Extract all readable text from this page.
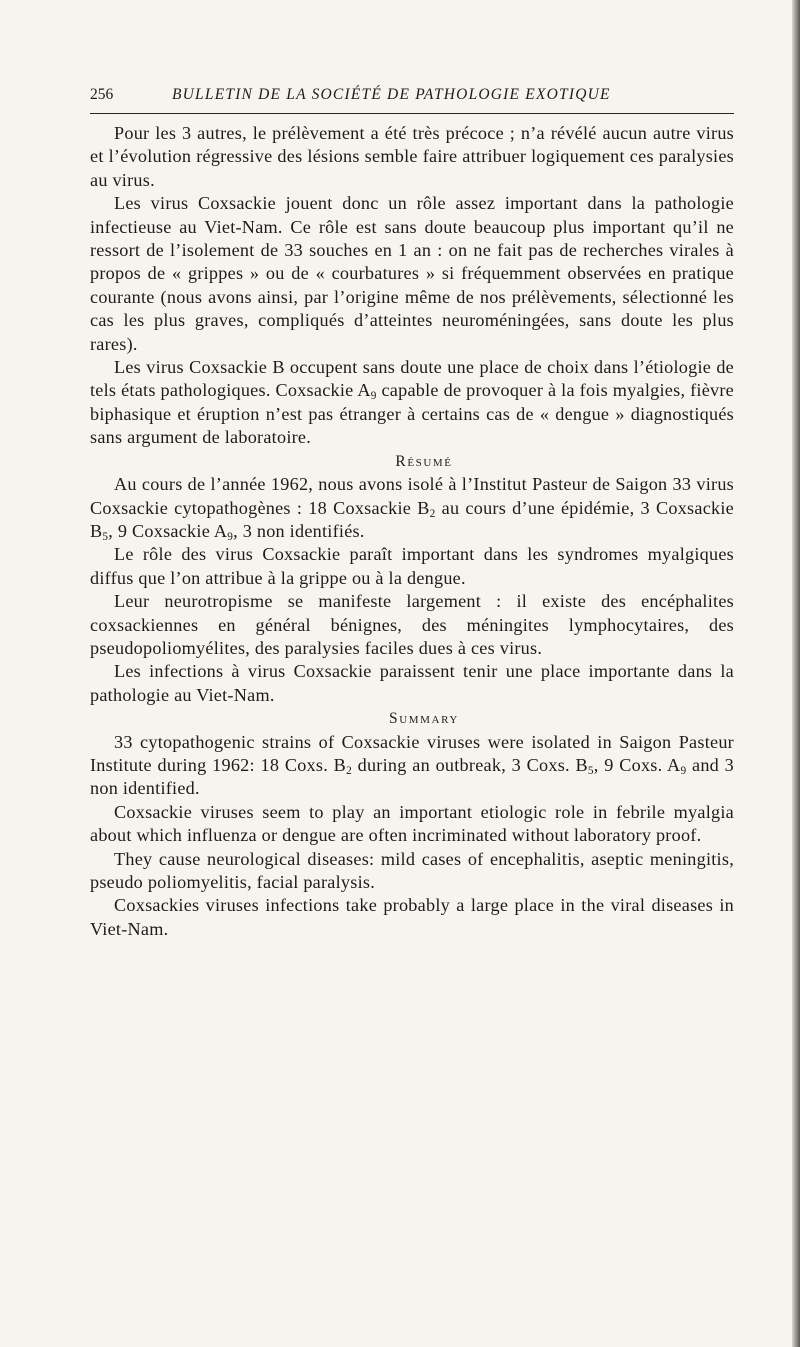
256	BULLETIN DE LA SOCIÉTÉ DE PATHOLOGIE EXOTIQUE

Pour les 3 autres, le prélèvement a été très précoce ; n’a révélé aucun autre virus et l’évolution régressive des lésions semble faire attribuer logiquement ces paralysies au virus.

Les virus Coxsackie jouent donc un rôle assez important dans la pathologie infectieuse au Viet-Nam. Ce rôle est sans doute beaucoup plus important qu’il ne ressort de l’isolement de 33 souches en 1 an : on ne fait pas de recherches virales à propos de « grippes » ou de « courbatures » si fréquemment observées en pratique courante (nous avons ainsi, par l’origine même de nos prélèvements, sélectionné les cas les plus graves, compliqués d’atteintes neuroméningées, sans doute les plus rares).

Les virus Coxsackie B occupent sans doute une place de choix dans l’étiologie de tels états pathologiques. Coxsackie $A_9$ capable de provoquer à la fois myalgies, fièvre biphasique et éruption n’est pas étranger à certains cas de « dengue » diagnostiqués sans argument de laboratoire.

Résumé

Au cours de l’année 1962, nous avons isolé à l’Institut Pasteur de Saigon 33 virus Coxsackie cytopathogènes : 18 Coxsackie $B_2$ au cours d’une épidémie, 3 Coxsackie $B_5$, 9 Coxsackie $A_9$, 3 non identifiés.

Le rôle des virus Coxsackie paraît important dans les syndromes myalgiques diffus que l’on attribue à la grippe ou à la dengue.

Leur neurotropisme se manifeste largement : il existe des encéphalites coxsackiennes en général bénignes, des méningites lymphocytaires, des pseudopoliomyélites, des paralysies faciles dues à ces virus.

Les infections à virus Coxsackie paraissent tenir une place importante dans la pathologie au Viet-Nam.

Summary

33 cytopathogenic strains of Coxsackie viruses were isolated in Saigon Pasteur Institute during 1962: 18 Coxs. $B_2$ during an outbreak, 3 Coxs. $B_5$, 9 Coxs. $A_9$ and 3 non identified.

Coxsackie viruses seem to play an important etiologic role in febrile myalgia about which influenza or dengue are often incriminated without laboratory proof.

They cause neurological diseases: mild cases of encephalitis, aseptic meningitis, pseudo poliomyelitis, facial paralysis.

Coxsackies viruses infections take probably a large place in the viral diseases in Viet-Nam.
